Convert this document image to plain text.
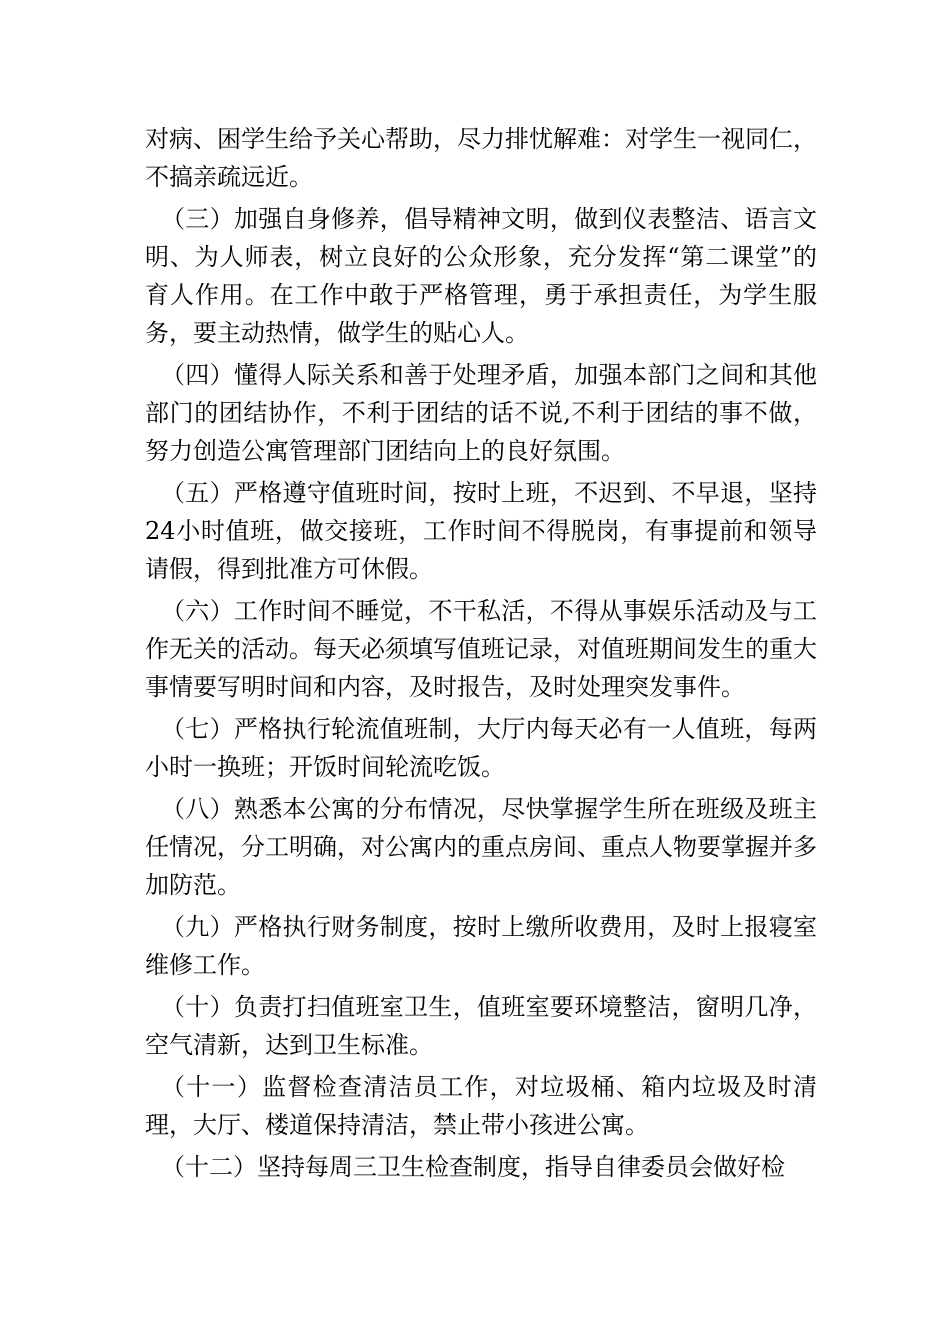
对病、困学生给予关心帮助，尽力排忧解难：对学生一视同仁，不搞亲疏远近。

（三）加强自身修养，倡导精神文明，做到仪表整洁、语言文明、为人师表，树立良好的公众形象，充分发挥“第二课堂”的育人作用。在工作中敢于严格管理，勇于承担责任，为学生服务，要主动热情，做学生的贴心人。

（四）懂得人际关系和善于处理矛盾，加强本部门之间和其他部门的团结协作，不利于团结的话不说,不利于团结的事不做，努力创造公寓管理部门团结向上的良好氛围。

（五）严格遵守值班时间，按时上班，不迟到、不早退，坚持24小时值班，做交接班，工作时间不得脱岗，有事提前和领导请假，得到批准方可休假。

（六）工作时间不睡觉，不干私活，不得从事娱乐活动及与工作无关的活动。每天必须填写值班记录，对值班期间发生的重大事情要写明时间和内容，及时报告，及时处理突发事件。

（七）严格执行轮流值班制，大厅内每天必有一人值班，每两小时一换班；开饭时间轮流吃饭。

（八）熟悉本公寓的分布情况，尽快掌握学生所在班级及班主任情况，分工明确，对公寓内的重点房间、重点人物要掌握并多加防范。

（九）严格执行财务制度，按时上缴所收费用，及时上报寝室维修工作。

（十）负责打扫值班室卫生，值班室要环境整洁，窗明几净，空气清新，达到卫生标准。

（十一）监督检查清洁员工作，对垃圾桶、箱内垃圾及时清理，大厅、楼道保持清洁，禁止带小孩进公寓。

（十二）坚持每周三卫生检查制度，指导自律委员会做好检
